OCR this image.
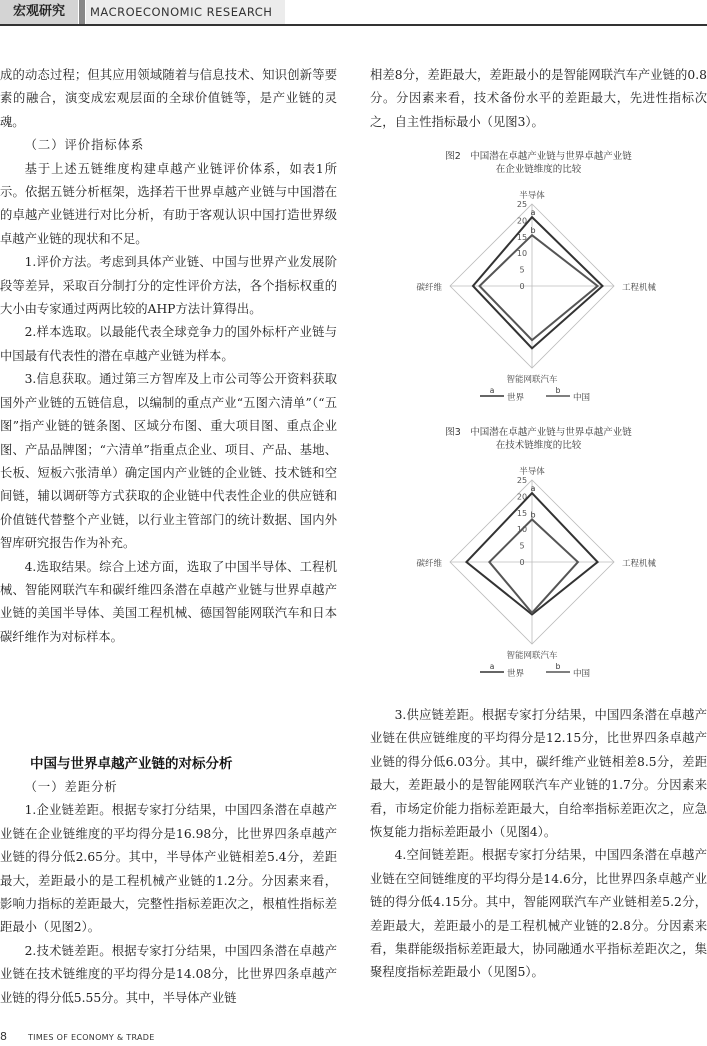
宏观研究	MACROECONOMIC RESEARCH

成的动态过程；但其应用领域随着与信息技术、知识创新等要素的融合，演变成宏观层面的全球价值链等，是产业链的灵魂。

（二）评价指标体系

基于上述五链维度构建卓越产业链评价体系，如表1所示。依据五链分析框架，选择若干世界卓越产业链与中国潜在的卓越产业链进行对比分析，有助于客观认识中国打造世界级卓越产业链的现状和不足。

1.评价方法。考虑到具体产业链、中国与世界产业发展阶段等差异，采取百分制打分的定性评价方法，各个指标权重的大小由专家通过两两比较的AHP方法计算得出。

2.样本选取。以最能代表全球竞争力的国外标杆产业链与中国最有代表性的潜在卓越产业链为样本。

3.信息获取。通过第三方智库及上市公司等公开资料获取国外产业链的五链信息，以编制的重点产业“五图六清单”（“五图”指产业链的链条图、区域分布图、重大项目图、重点企业图、产品品牌图；“六清单”指重点企业、项目、产品、基地、长板、短板六张清单）确定国内产业链的企业链、技术链和空间链，辅以调研等方式获取的企业链中代表性企业的供应链和价值链代替整个产业链，以行业主管部门的统计数据、国内外智库研究报告作为补充。

4.选取结果。综合上述方面，选取了中国半导体、工程机械、智能网联汽车和碳纤维四条潜在卓越产业链与世界卓越产业链的美国半导体、美国工程机械、德国智能网联汽车和日本碳纤维作为对标样本。

中国与世界卓越产业链的对标分析

（一）差距分析

1.企业链差距。根据专家打分结果，中国四条潜在卓越产业链在企业链维度的平均得分是16.98分，比世界四条卓越产业链的得分低2.65分。其中，半导体产业链相差5.4分，差距最大，差距最小的是工程机械产业链的1.2分。分因素来看，影响力指标的差距最大，完整性指标差距次之，根植性指标差距最小（见图2）。

2.技术链差距。根据专家打分结果，中国四条潜在卓越产业链在技术链维度的平均得分是14.08分，比世界四条卓越产业链的得分低5.55分。其中，半导体产业链

相差8分，差距最大，差距最小的是智能网联汽车产业链的0.8分。分因素来看，技术备份水平的差距最大，先进性指标次之，自主性指标最小（见图3）。

图2　中国潜在卓越产业链与世界卓越产业链
在企业链维度的比较
0
5
10
15
20
25
半导体
工程机械
智能网联汽车
碳纤维
a
b
a
世界
b
中国
图3　中国潜在卓越产业链与世界卓越产业链
在技术链维度的比较
0
5
10
15
20
25
半导体
工程机械
智能网联汽车
碳纤维
a
b
a
世界
b
中国

3.供应链差距。根据专家打分结果，中国四条潜在卓越产业链在供应链维度的平均得分是12.15分，比世界四条卓越产业链的得分低6.03分。其中，碳纤维产业链相差8.5分，差距最大，差距最小的是智能网联汽车产业链的1.7分。分因素来看，市场定价能力指标差距最大，自给率指标差距次之，应急恢复能力指标差距最小（见图4）。

4.空间链差距。根据专家打分结果，中国四条潜在卓越产业链在空间链维度的平均得分是14.6分，比世界四条卓越产业链的得分低4.15分。其中，智能网联汽车产业链相差5.2分，差距最大，差距最小的是工程机械产业链的2.8分。分因素来看，集群能级指标差距最大，协同融通水平指标差距次之，集聚程度指标差距最小（见图5）。

8	TIMES OF ECONOMY & TRADE
